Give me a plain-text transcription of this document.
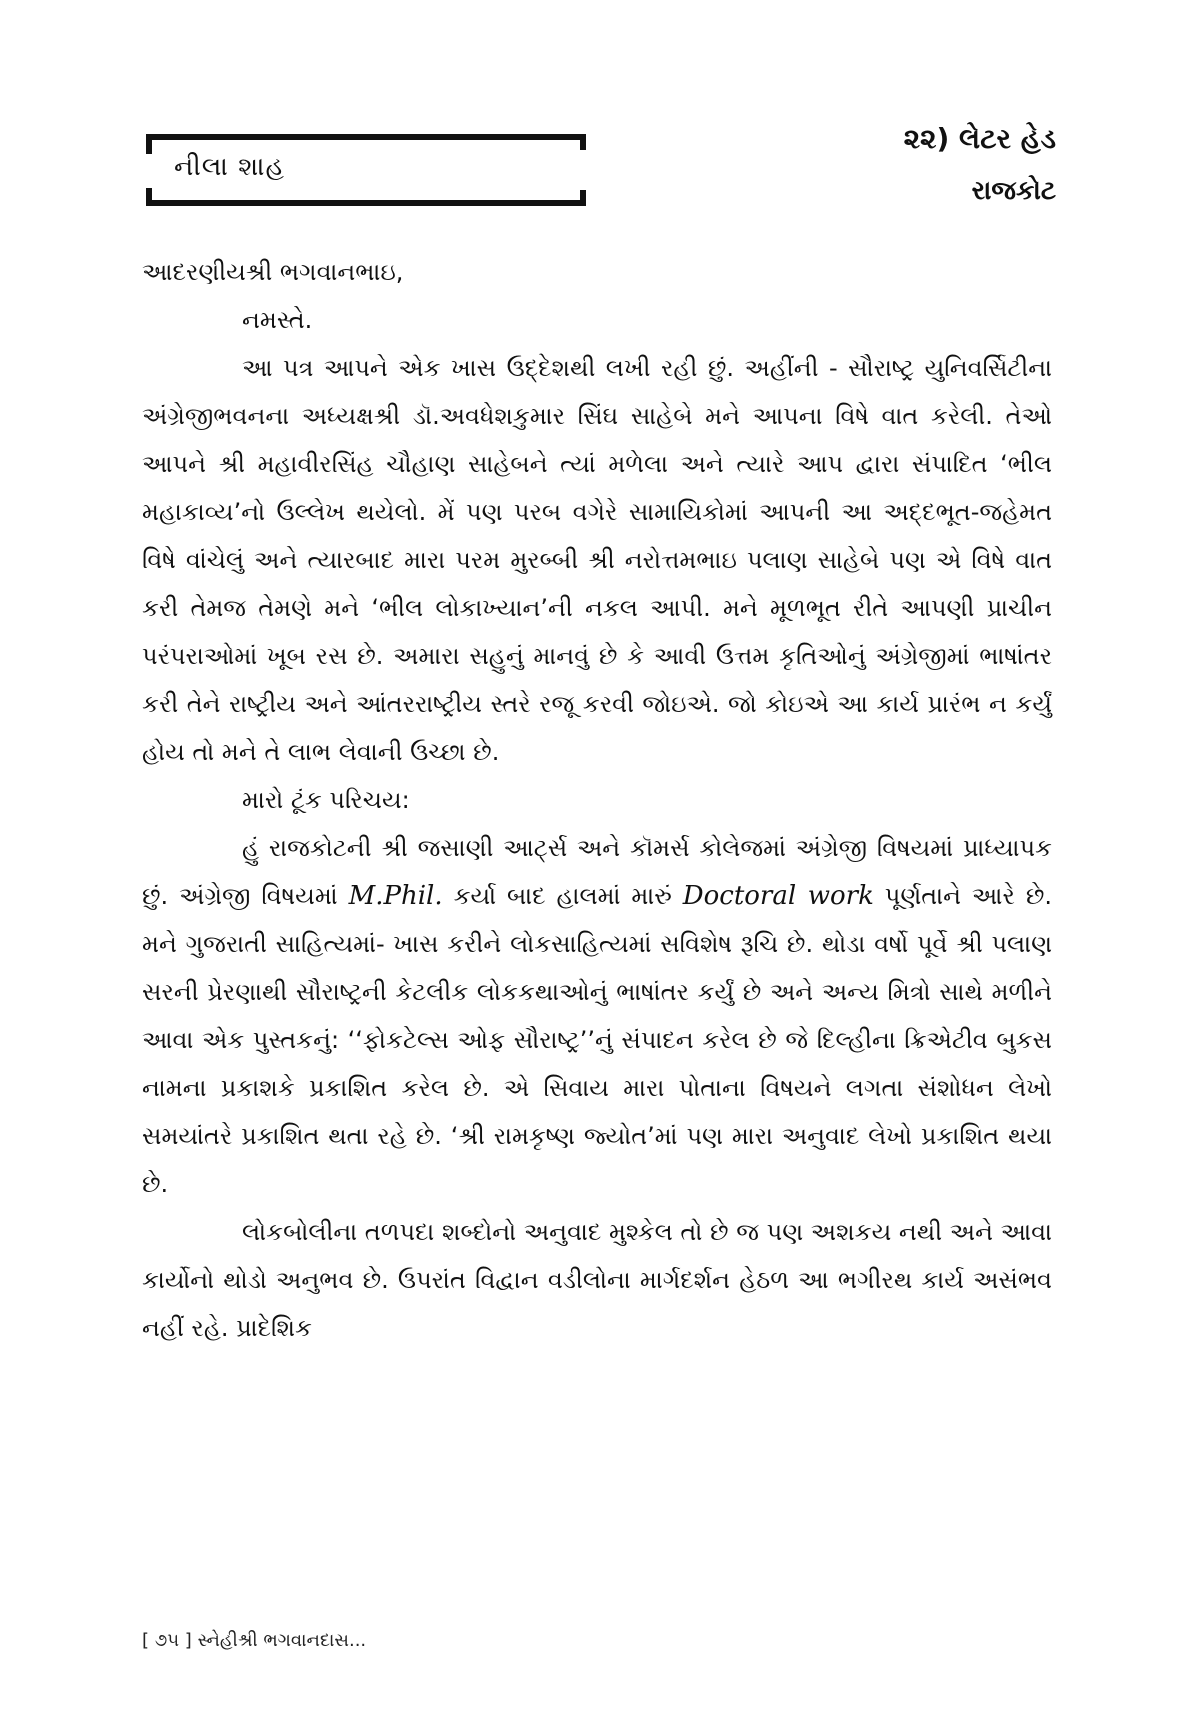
નીલા શાહ
૨૨) લેટર હેડ
રાજકોટ

આદરણીયશ્રી ભગવાનભાઇ,

નમસ્તે.

આ પત્ર આપને એક ખાસ ઉદ્દેશથી લખી રહી છું. અહીંની - સૌરાષ્ટ્ર યુનિવર્સિટીના અંગ્રેજીભવનના અધ્યક્ષશ્રી ડૉ.અવધેશકુમાર સિંઘ સાહેબે મને આપના વિષે વાત કરેલી. તેઓ આપને શ્રી મહાવીરસિંહ ચૌહાણ સાહેબને ત્યાં મળેલા અને ત્યારે આપ દ્વારા સંપાદિત ‘ભીલ મહાકાવ્ય’નો ઉલ્લેખ થયેલો. મેં પણ પરબ વગેરે સામાયિકોમાં આપની આ અદ્દભૂત-જહેમત વિષે વાંચેલું અને ત્યારબાદ મારા પરમ મુરબ્બી શ્રી નરોત્તમભાઇ પલાણ સાહેબે પણ એ વિષે વાત કરી તેમજ તેમણે મને ‘ભીલ લોકાખ્યાન’ની નકલ આપી. મને મૂળભૂત રીતે આપણી પ્રાચીન પરંપરાઓમાં ખૂબ રસ છે. અમારા સહુનું માનવું છે કે આવી ઉત્તમ કૃતિઓનું અંગ્રેજીમાં ભાષાંતર કરી તેને રાષ્ટ્રીય અને આંતરરાષ્ટ્રીય સ્તરે રજૂ કરવી જોઇએ. જો કોઇએ આ કાર્ય પ્રારંભ ન કર્યું હોય તો મને તે લાભ લેવાની ઉચ્છા છે.

મારો ટૂંક પરિચય:

હું રાજકોટની શ્રી જસાણી આર્ટ્સ અને કૉમર્સ કોલેજમાં અંગ્રેજી વિષયમાં પ્રાધ્યાપક છું. અંગ્રેજી વિષયમાં M.Phil. કર્યા બાદ હાલમાં મારું Doctoral work પૂર્ણતાને આરે છે. મને ગુજરાતી સાહિત્યમાં- ખાસ કરીને લોકસાહિત્યમાં સવિશેષ રૂચિ છે. થોડા વર્ષો પૂર્વે શ્રી પલાણ સરની પ્રેરણાથી સૌરાષ્ટ્રની કેટલીક લોકકથાઓનું ભાષાંતર કર્યું છે અને અન્ય મિત્રો સાથે મળીને આવા એક પુસ્તકનું: ‘‘ફોકટેલ્સ ઓફ સૌરાષ્ટ્ર’’નું સંપાદન કરેલ છે જે દિલ્હીના ક્રિએટીવ બુકસ નામના પ્રકાશકે પ્રકાશિત કરેલ છે. એ સિવાય મારા પોતાના વિષયને લગતા સંશોધન લેખો સમયાંતરે પ્રકાશિત થતા રહે છે. ‘શ્રી રામકૃષ્ણ જ્યોત’માં પણ મારા અનુવાદ લેખો પ્રકાશિત થયા છે.

લોકબોલીના તળપદા શબ્દોનો અનુવાદ મુશ્કેલ તો છે જ પણ અશકય નથી અને આવા કાર્યોનો થોડો અનુભવ છે. ઉપરાંત વિદ્વાન વડીલોના માર્ગદર્શન હેઠળ આ ભગીરથ કાર્ય અસંભવ નહીં રહે. પ્રાદેશિક

[ ૭૫ ] સ્નેહીશ્રી ભગવાનદાસ...
